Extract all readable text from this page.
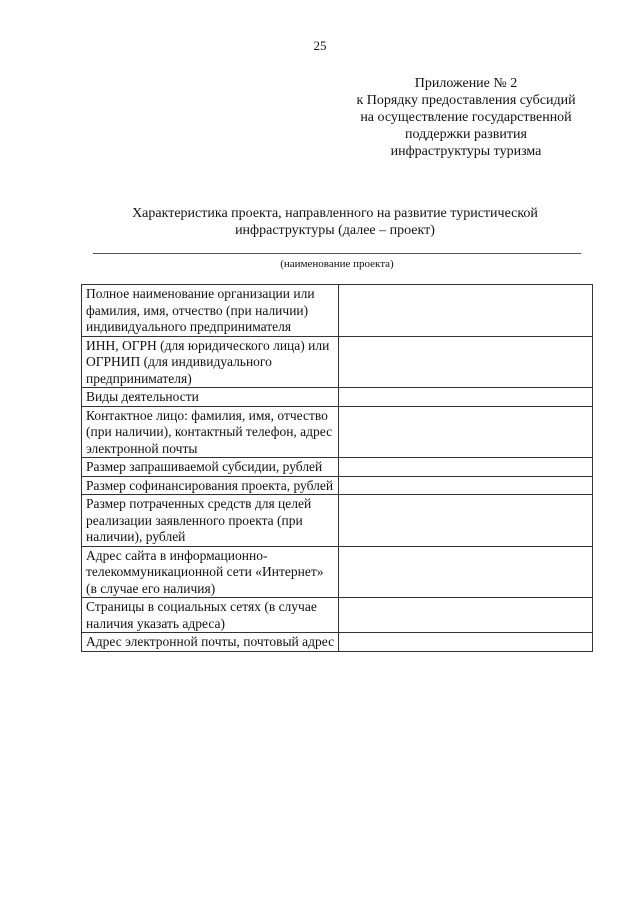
25
Приложение № 2
к Порядку предоставления субсидий
на осуществление государственной
поддержки развития
инфраструктуры туризма
Характеристика проекта, направленного на развитие туристической
инфраструктуры (далее – проект)
(наименование проекта)
Полное наименование организации или фамилия, имя, отчество (при наличии) индивидуального предпринимателя	
ИНН, ОГРН (для юридического лица) или ОГРНИП (для индивидуального предпринимателя)	
Виды деятельности	
Контактное лицо: фамилия, имя, отчество (при наличии), контактный телефон, адрес электронной почты	
Размер запрашиваемой субсидии, рублей	
Размер софинансирования проекта, рублей	
Размер потраченных средств для целей реализации заявленного проекта (при наличии), рублей	
Адрес сайта в информационно-телекоммуникационной сети «Интернет» (в случае его наличия)	
Страницы в социальных сетях (в случае наличия указать адреса)	
Адрес электронной почты, почтовый адрес	
